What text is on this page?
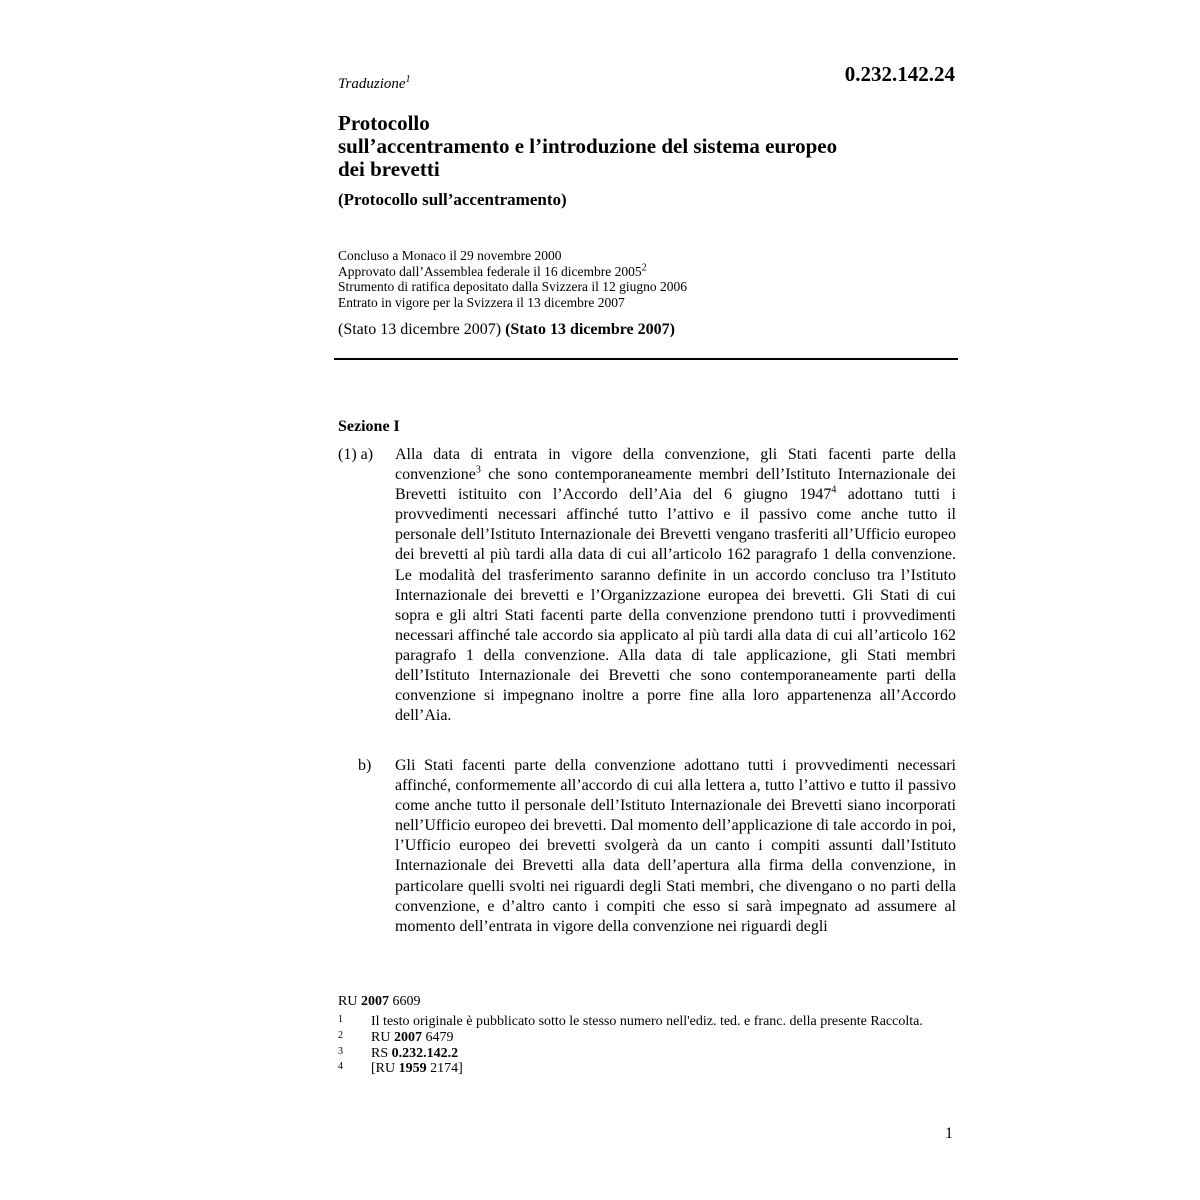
0.232.142.24
Traduzione$^1$
Protocollo
sull’accentramento e l’introduzione del sistema europeo
dei brevetti
(Protocollo sull’accentramento)
Concluso a Monaco il 29 novembre 2000
Approvato dall’Assemblea federale il 16 dicembre 2005$^2$
Strumento di ratifica depositato dalla Svizzera il 12 giugno 2006
Entrato in vigore per la Svizzera il 13 dicembre 2007
(Stato 13 dicembre 2007) (Stato 13 dicembre 2007)
Sezione I
(1) a) Alla data di entrata in vigore della convenzione, gli Stati facenti parte della convenzione$^3$ che sono contemporaneamente membri dell’Istituto Internazionale dei Brevetti istituito con l’Accordo dell’Aia del 6 giugno 1947$^4$ adottano tutti i provvedimenti necessari affinché tutto l’attivo e il passivo come anche tutto il personale dell’Istituto Internazionale dei Brevetti vengano trasferiti all’Ufficio europeo dei brevetti al più tardi alla data di cui all’articolo 162 paragrafo 1 della convenzione. Le modalità del trasferimento saranno definite in un accordo concluso tra l’Istituto Internazionale dei brevetti e l’Organizzazione europea dei brevetti. Gli Stati di cui sopra e gli altri Stati facenti parte della convenzione prendono tutti i provvedimenti necessari affinché tale accordo sia applicato al più tardi alla data di cui all’articolo 162 paragrafo 1 della convenzione. Alla data di tale applicazione, gli Stati membri dell’Istituto Internazionale dei Brevetti che sono contemporaneamente parti della convenzione si impegnano inoltre a porre fine alla loro appartenenza all’Accordo dell’Aia.
b) Gli Stati facenti parte della convenzione adottano tutti i provvedimenti necessari affinché, conformemente all’accordo di cui alla lettera a, tutto l’attivo e tutto il passivo come anche tutto il personale dell’Istituto Internazionale dei Brevetti siano incorporati nell’Ufficio europeo dei brevetti. Dal momento dell’applicazione di tale accordo in poi, l’Ufficio europeo dei brevetti svolgerà da un canto i compiti assunti dall’Istituto Internazionale dei Brevetti alla data dell’apertura alla firma della convenzione, in particolare quelli svolti nei riguardi degli Stati membri, che divengano o no parti della convenzione, e d’altro canto i compiti che esso si sarà impegnato ad assumere al momento dell’entrata in vigore della convenzione nei riguardi degli
RU 2007 6609
1 Il testo originale è pubblicato sotto le stesso numero nell'ediz. ted. e franc. della presente Raccolta.
2 RU 2007 6479
3 RS 0.232.142.2
4 [RU 1959 2174]
1
